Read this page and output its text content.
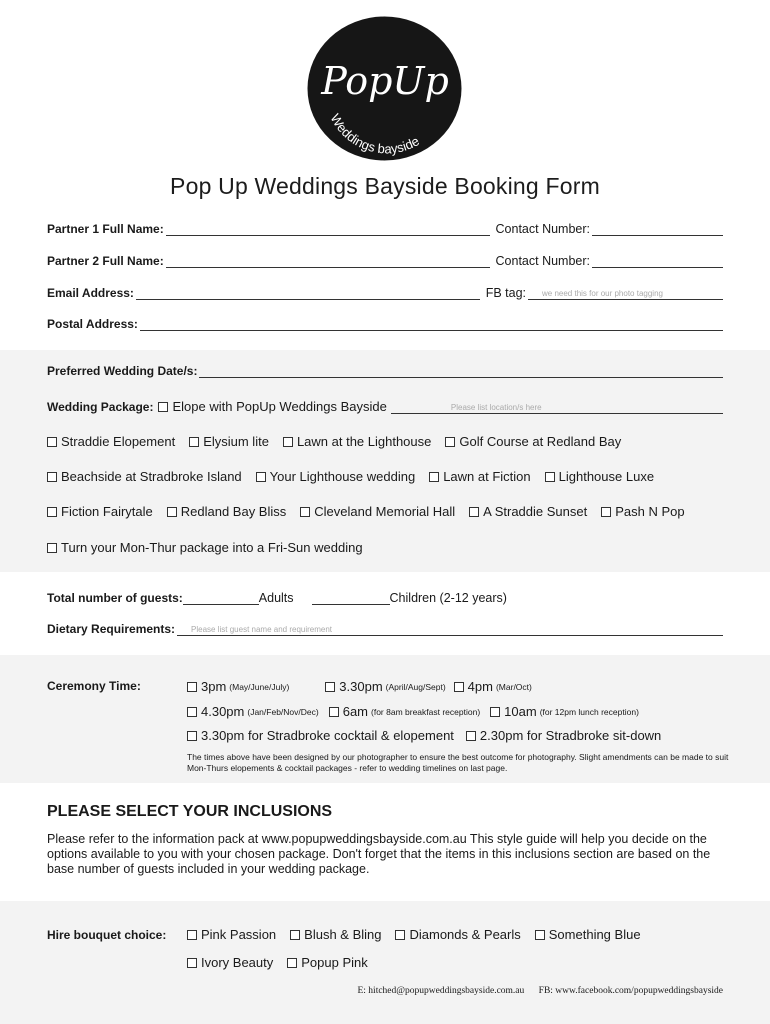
PopUp
Weddings bayside
Pop Up Weddings Bayside Booking Form
Partner 1 Full Name:	Contact Number:
Partner 2 Full Name:	Contact Number:
Email Address:	FB tag: we need this for our photo tagging
Postal Address:
Preferred Wedding Date/s:
Wedding Package: Elope with PopUp Weddings Bayside	Please list location/s here
Straddie Elopement Elysium lite Lawn at the Lighthouse Golf Course at Redland Bay
Beachside at Stradbroke Island Your Lighthouse wedding Lawn at Fiction Lighthouse Luxe
Fiction Fairytale Redland Bay Bliss Cleveland Memorial Hall A Straddie Sunset Pash N Pop
Turn your Mon-Thur package into a Fri-Sun wedding
Total number of guests:	Adults	Children (2-12 years)
Dietary Requirements: Please list guest name and requirement
Ceremony Time:	3pm (May/June/July)	3.30pm (April/Aug/Sept) 4pm (Mar/Oct)
4.30pm (Jan/Feb/Nov/Dec) 6am (for 8am breakfast reception) 10am (for 12pm lunch reception)
3.30pm for Stradbroke cocktail & elopement 2.30pm for Stradbroke sit-down
The times above have been designed by our photographer to ensure the best outcome for photography. Slight amendments can be made to suit Mon-Thurs elopements & cocktail packages - refer to wedding timelines on last page.
PLEASE SELECT YOUR INCLUSIONS
Please refer to the information pack at www.popupweddingsbayside.com.au This style guide will help you decide on the options available to you with your chosen package. Don't forget that the items in this inclusions section are based on the base number of guests included in your wedding package.
Hire bouquet choice:	Pink Passion Blush & Bling Diamonds & Pearls Something Blue
Ivory Beauty Popup Pink
E: hitched@popupweddingsbayside.com.au FB: www.facebook.com/popupweddingsbayside
